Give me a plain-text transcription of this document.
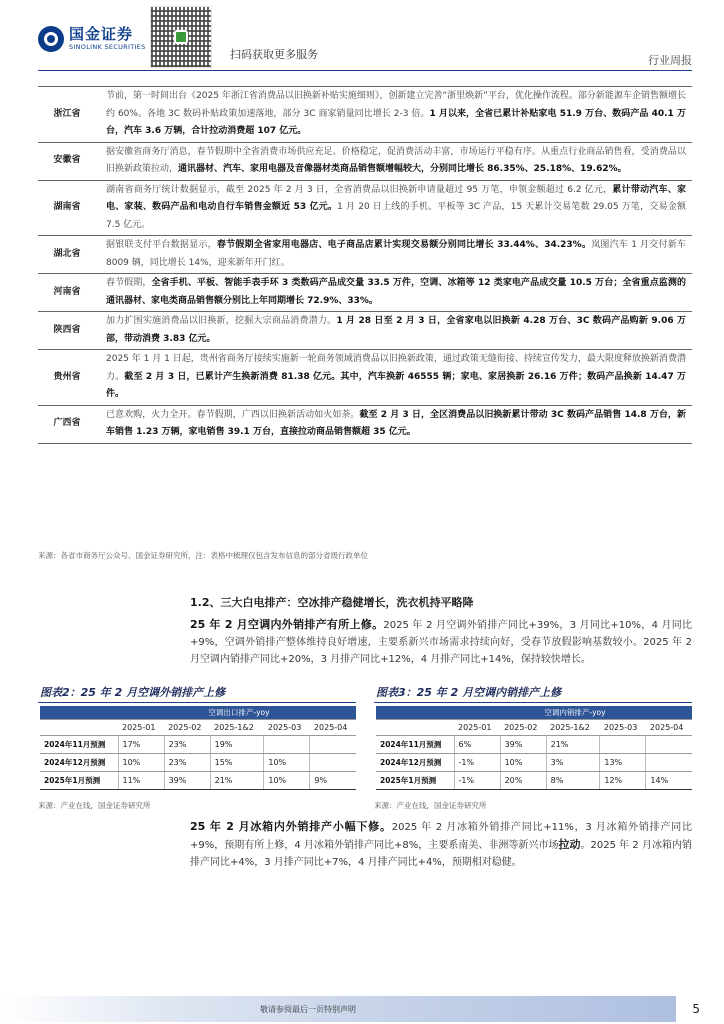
国金证券
SINOLINK SECURITIES
扫码获取更多服务	行业周报
浙江省	节前，第一时间出台《2025 年浙江省消费品以旧换新补贴实施细则》，创新建立完善“浙里焕新”平台，优化操作流程。部分新能源车企销售额增长约 60%。各地 3C 数码补贴政策加速落地，部分 3C 商家销量同比增长 2-3 倍。1 月以来，全省已累计补贴家电 51.9 万台、数码产品 40.1 万台，汽车 3.6 万辆，合计拉动消费超 107 亿元。
安徽省	据安徽省商务厅消息，春节假期中全省消费市场供应充足、价格稳定，促消费活动丰富，市场运行平稳有序。从重点行业商品销售看，受消费品以旧换新政策拉动，通讯器材、汽车、家用电器及音像器材类商品销售额增幅较大，分别同比增长 86.35%、25.18%、19.62%。
湖南省	湖南省商务厅统计数据显示，截至 2025 年 2 月 3 日，全省消费品以旧换新申请量超过 95 万笔，申领金额超过 6.2 亿元，累计带动汽车、家电、家装、数码产品和电动自行车销售金额近 53 亿元。1 月 20 日上线的手机、平板等 3C 产品，15 天累计交易笔数 29.05 万笔，交易金额 7.5 亿元。
湖北省	据银联支付平台数据显示，春节假期全省家用电器店、电子商品店累计实现交易额分别同比增长 33.44%、34.23%。岚图汽车 1 月交付新车 8009 辆，同比增长 14%，迎来新年开门红。
河南省	春节假期，全省手机、平板、智能手表手环 3 类数码产品成交量 33.5 万件，空调、冰箱等 12 类家电产品成交量 10.5 万台；全省重点监测的通讯器材、家电类商品销售额分别比上年同期增长 72.9%、33%。
陕西省	加力扩围实施消费品以旧换新，挖掘大宗商品消费潜力。1 月 28 日至 2 月 3 日，全省家电以旧换新 4.28 万台、3C 数码产品购新 9.06 万部，带动消费 3.83 亿元。
贵州省	2025 年 1 月 1 日起，贵州省商务厅接续实施新一轮商务领域消费品以旧换新政策，通过政策无缝衔接、持续宣传发力，最大限度释放换新消费潜力。截至 2 月 3 日，已累计产生换新消费 81.38 亿元。其中，汽车换新 46555 辆；家电、家居换新 26.16 万件；数码产品换新 14.47 万件。
广西省	已意欢购，火力全开。春节假期，广西以旧换新活动如火如荼。截至 2 月 3 日，全区消费品以旧换新累计带动 3C 数码产品销售 14.8 万台，新车销售 1.23 万辆，家电销售 39.1 万台，直接拉动商品销售额超 35 亿元。
来源：各省市商务厅公众号、国金证券研究所，注：表格中梳理仅包含发布信息的部分省级行政单位
1.2、三大白电排产：空冰排产稳健增长，洗衣机持平略降
25 年 2 月空调内外销排产有所上修。2025 年 2 月空调外销排产同比+39%，3 月同比+10%，4 月同比+9%，空调外销排产整体维持良好增速，主要系新兴市场需求持续向好，受春节放假影响基数较小。2025 年 2 月空调内销排产同比+20%，3 月排产同比+12%，4 月排产同比+14%，保持较快增长。
图表2：25 年 2 月空调外销排产上修
	空调出口排产-yoy				
	2025-01	2025-02	2025-1&2	2025-03	2025-04
2024年11月预测	17%	23%	19%		
2024年12月预测	10%	23%	15%	10%	
2025年1月预测	11%	39%	21%	10%	9%
来源：产业在线，国金证券研究所
图表3：25 年 2 月空调内销排产上修
	空调内销排产-yoy				
	2025-01	2025-02	2025-1&2	2025-03	2025-04
2024年11月预测	6%	39%	21%		
2024年12月预测	-1%	10%	3%	13%	
2025年1月预测	-1%	20%	8%	12%	14%
来源：产业在线，国金证券研究所
25 年 2 月冰箱内外销排产小幅下修。2025 年 2 月冰箱外销排产同比+11%，3 月冰箱外销排产同比+9%，预期有所上修，4 月冰箱外销排产同比+8%，主要系南美、非洲等新兴市场拉动。2025 年 2 月冰箱内销排产同比+4%，3 月排产同比+7%，4 月排产同比+4%，预期相对稳健。
敬请参阅最后一页特别声明	5
